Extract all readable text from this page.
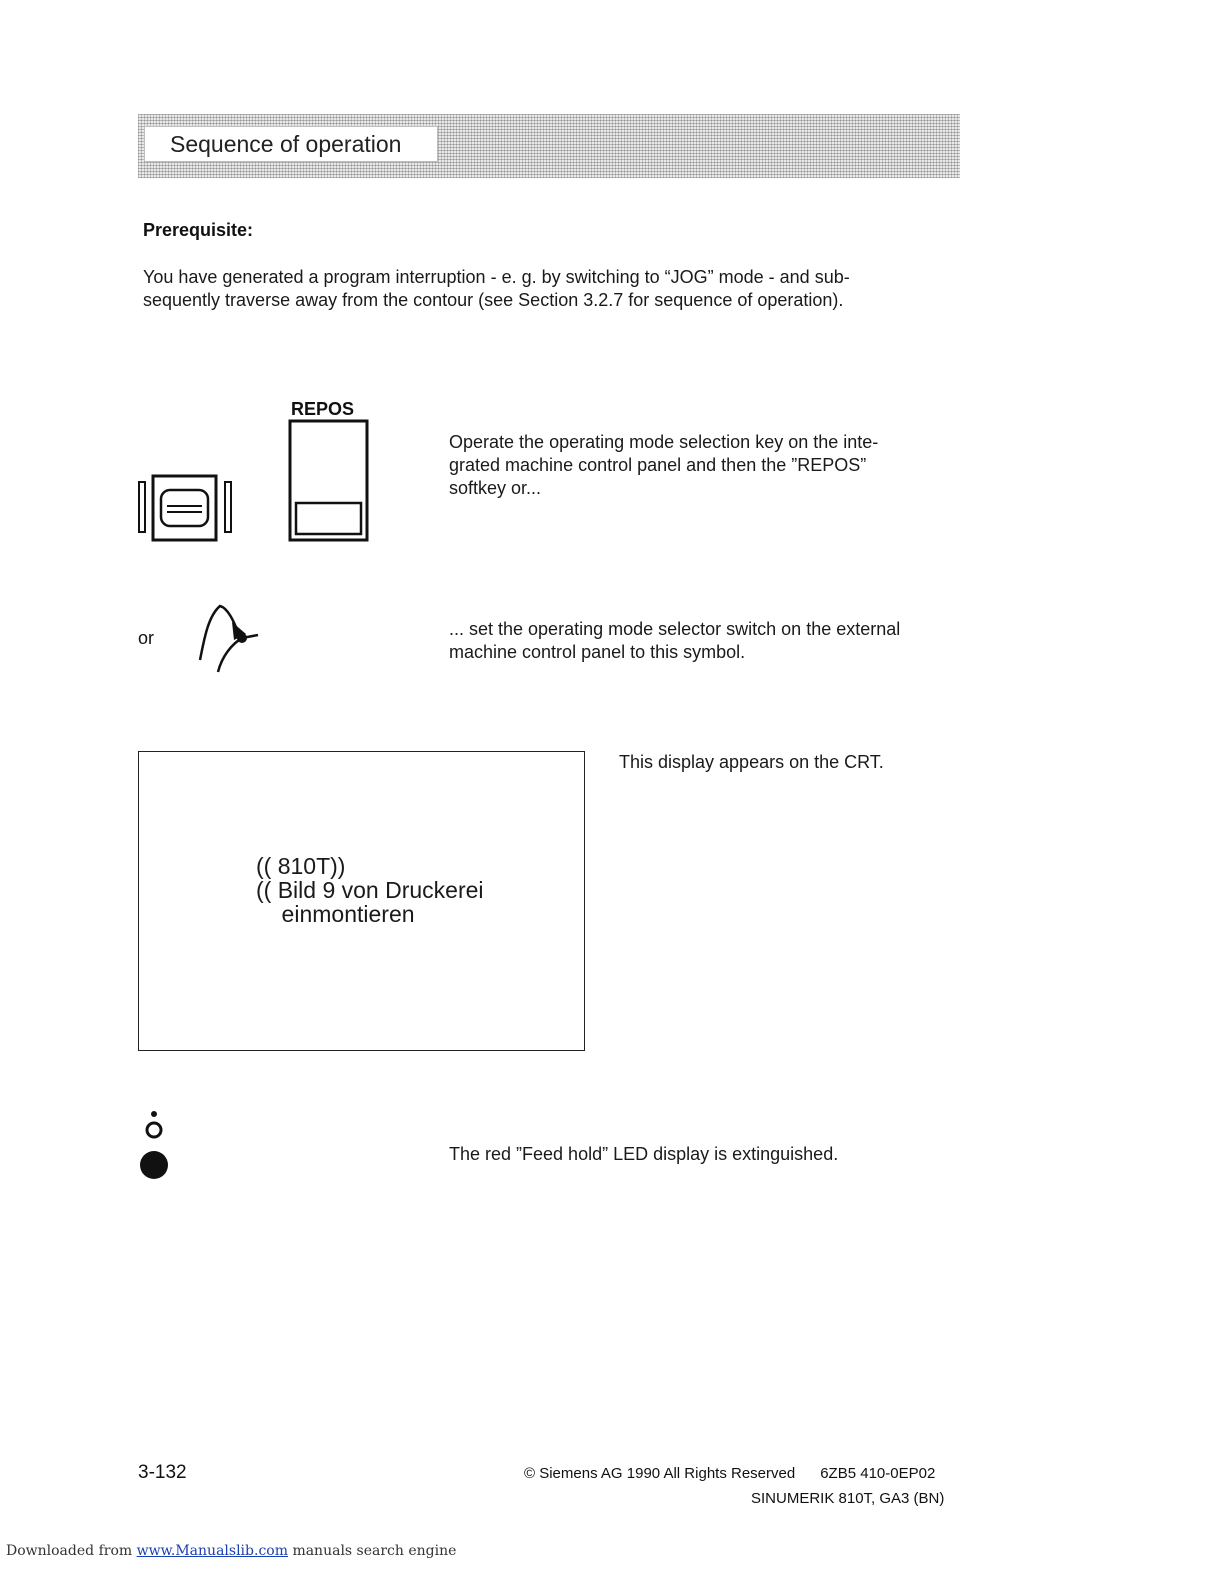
Sequence of operation
Prerequisite:
You have generated a program interruption - e. g. by switching to “JOG” mode - and sub-
sequently traverse away from the contour (see Section 3.2.7 for sequence of operation).
REPOS
Operate the operating mode selection key on the inte-
grated machine control panel and then the ”REPOS”
softkey or...
or	... set the operating mode selector switch on the external
machine control panel to this symbol.
(( 810T))
(( Bild 9 von Druckerei
einmontieren
This display appears on the CRT.
The red ”Feed hold” LED display is extinguished.
3-132	© Siemens AG 1990 All Rights Reserved 6ZB5 410-0EP02
SINUMERIK 810T, GA3 (BN)
Downloaded from www.Manualslib.com manuals search engine
